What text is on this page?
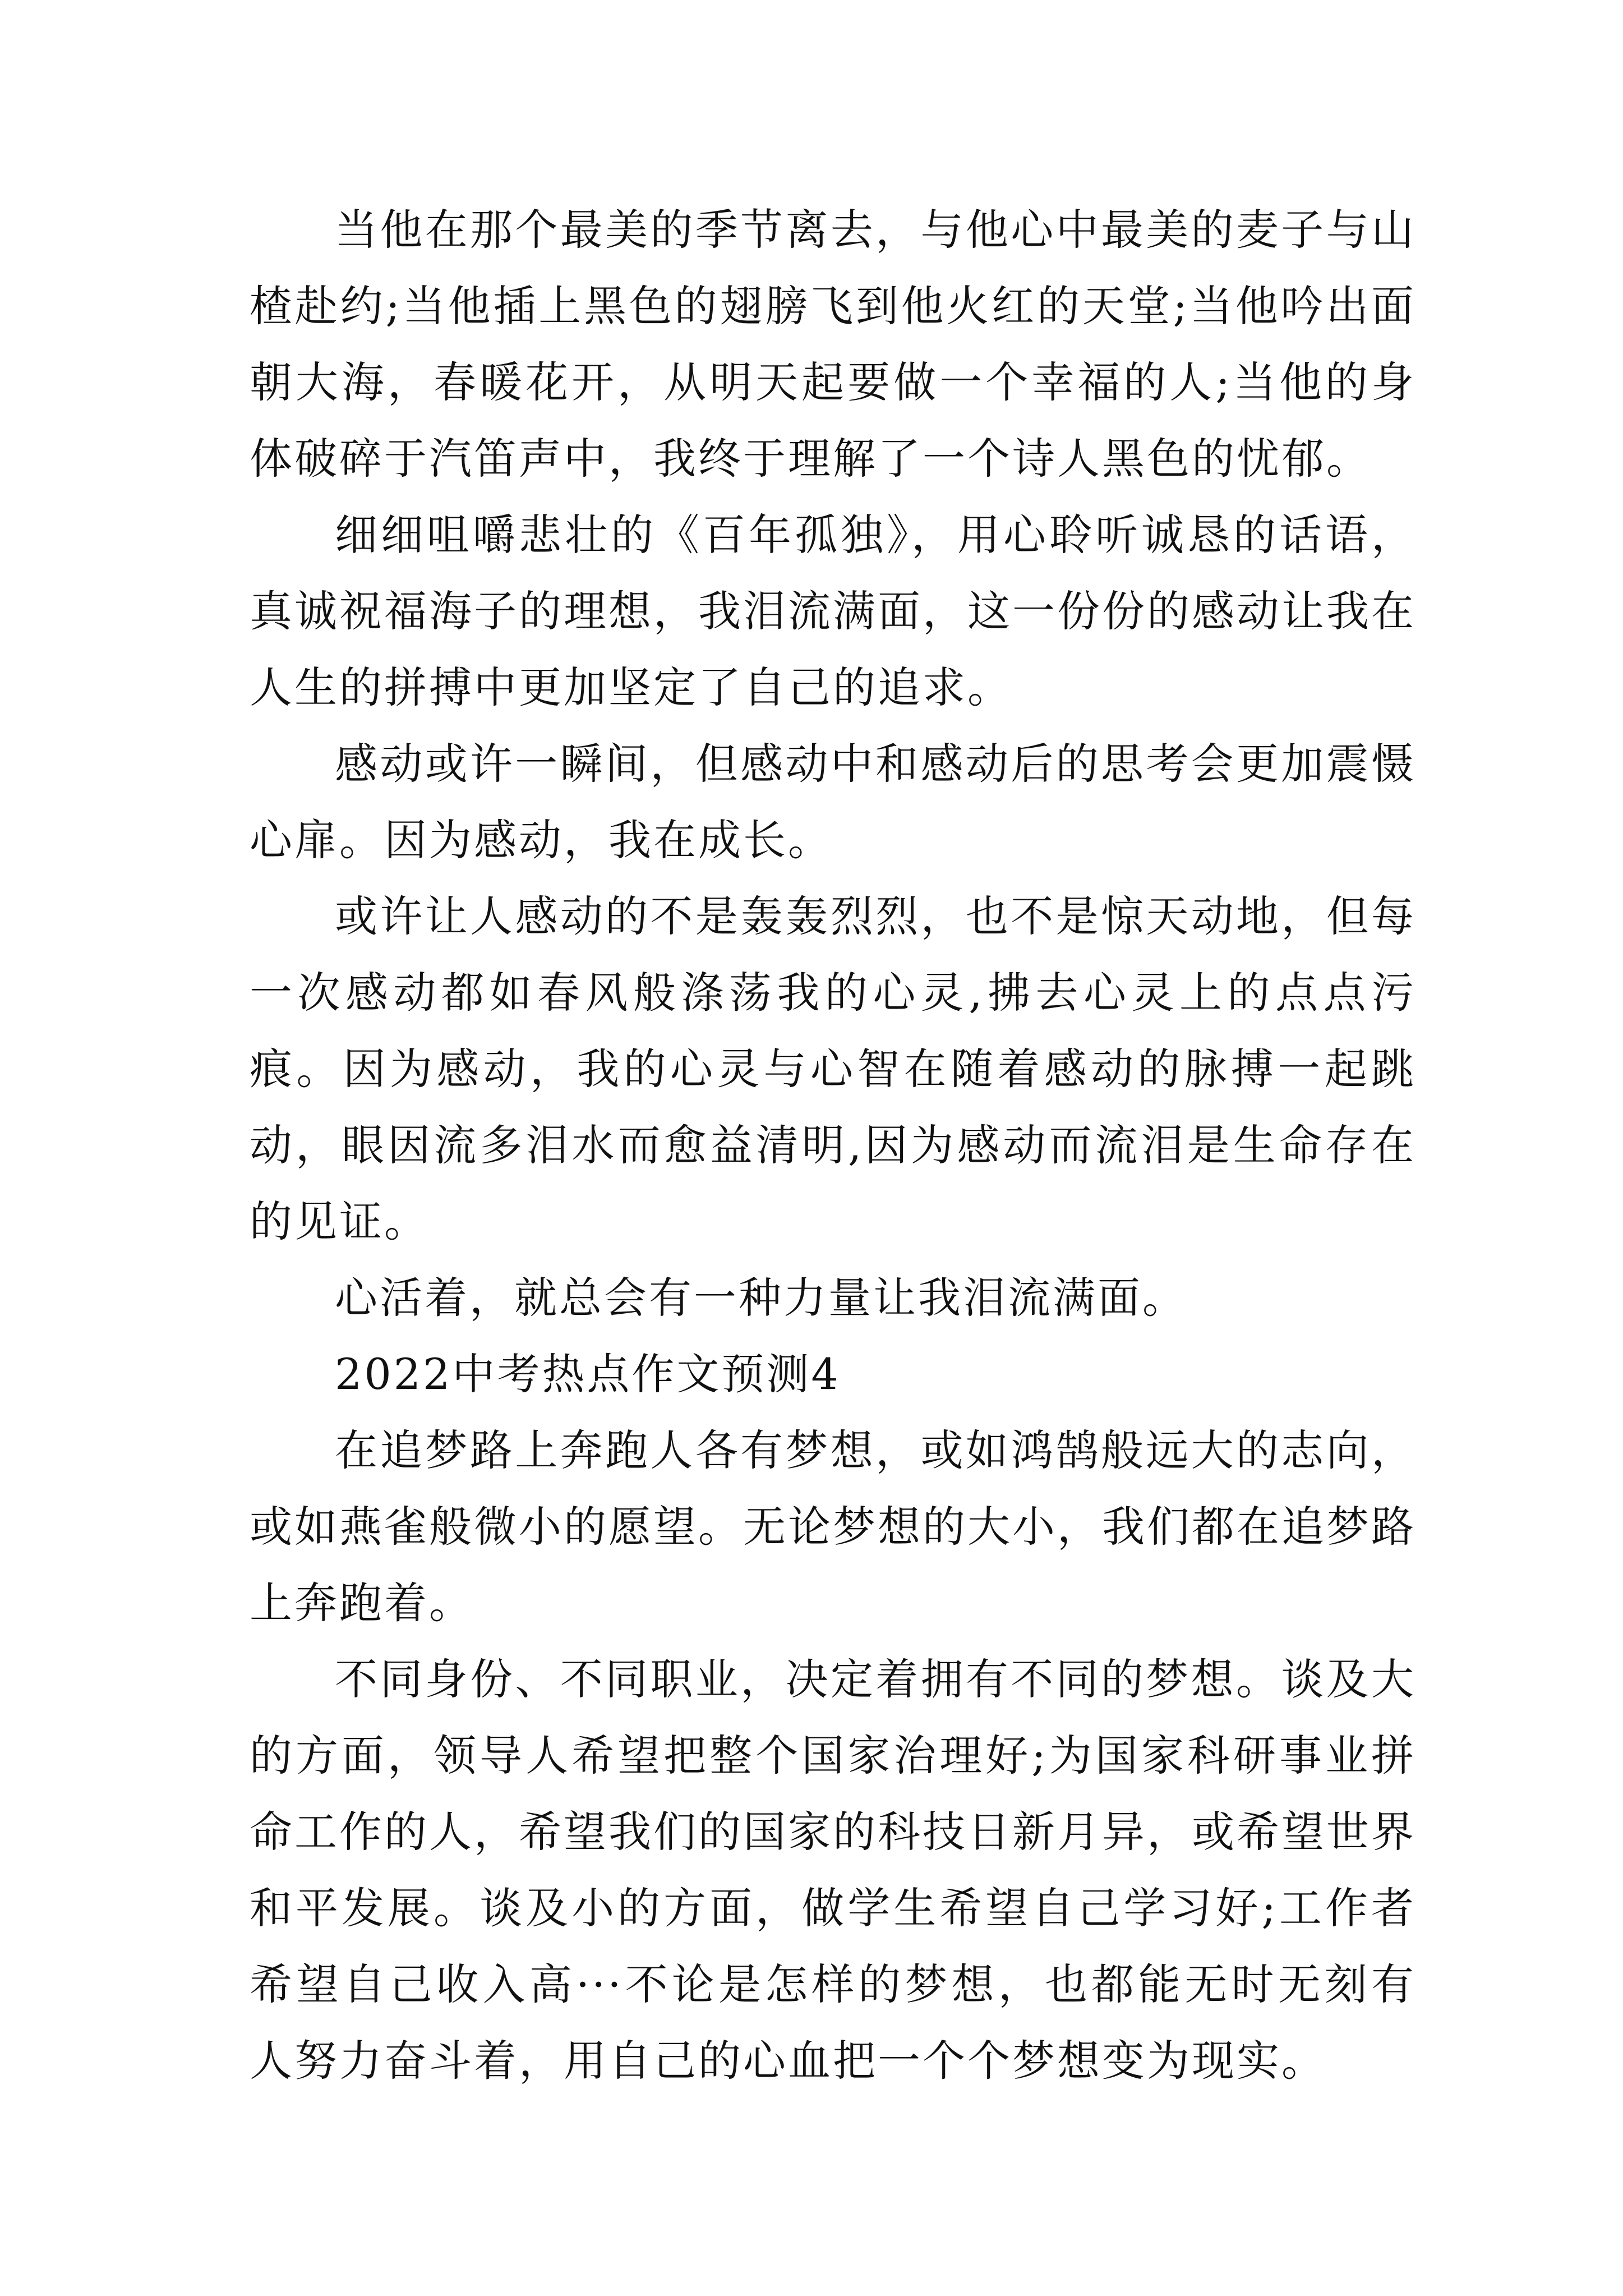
当他在那个最美的季节离去，与他心中最美的麦子与山楂赴约;当他插上黑色的翅膀飞到他火红的天堂;当他吟出面朝大海，春暖花开，从明天起要做一个幸福的人;当他的身体破碎于汽笛声中，我终于理解了一个诗人黑色的忧郁。

细细咀嚼悲壮的《百年孤独》，用心聆听诚恳的话语，真诚祝福海子的理想，我泪流满面，这一份份的感动让我在人生的拼搏中更加坚定了自己的追求。

感动或许一瞬间，但感动中和感动后的思考会更加震慑心扉。因为感动，我在成长。

或许让人感动的不是轰轰烈烈，也不是惊天动地，但每一次感动都如春风般涤荡我的心灵,拂去心灵上的点点污痕。因为感动，我的心灵与心智在随着感动的脉搏一起跳动，眼因流多泪水而愈益清明,因为感动而流泪是生命存在的见证。

心活着，就总会有一种力量让我泪流满面。

2022中考热点作文预测4

在追梦路上奔跑人各有梦想，或如鸿鹄般远大的志向，或如燕雀般微小的愿望。无论梦想的大小，我们都在追梦路上奔跑着。

不同身份、不同职业，决定着拥有不同的梦想。谈及大的方面，领导人希望把整个国家治理好;为国家科研事业拼命工作的人，希望我们的国家的科技日新月异，或希望世界和平发展。谈及小的方面，做学生希望自己学习好;工作者希望自己收入高···不论是怎样的梦想，也都能无时无刻有人努力奋斗着，用自己的心血把一个个梦想变为现实。
